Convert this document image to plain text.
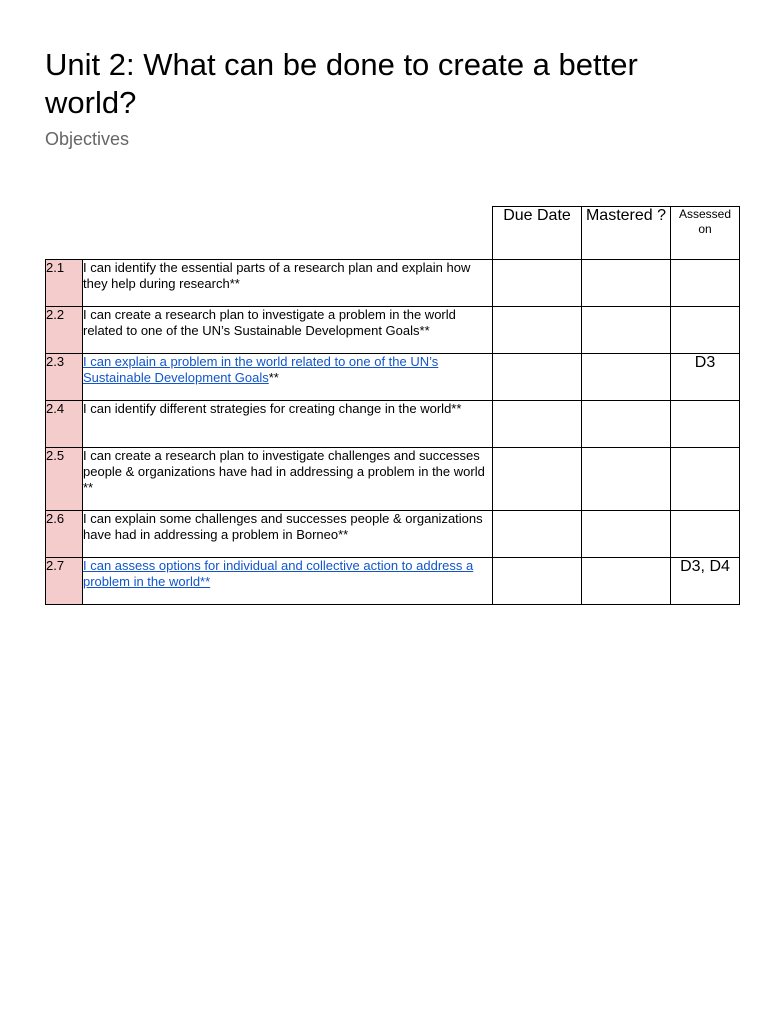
Unit 2: What can be done to create a better world?

Objectives

		Due Date	Mastered ?	Assessed on
2.1	I can identify the essential parts of a research plan and explain how they help during research**			
2.2	I can create a research plan to investigate a problem in the world related to one of the UN’s Sustainable Development Goals**			
2.3	I can explain a problem in the world related to one of the UN’s Sustainable Development Goals**			D3
2.4	I can identify different strategies for creating change in the world**			
2.5	I can create a research plan to investigate challenges and successes people & organizations have had in addressing a problem in the world **			
2.6	I can explain some challenges and successes people & organizations have had in addressing a problem in Borneo**			
2.7	I can assess options for individual and collective action to address a problem in the world**			D3, D4
